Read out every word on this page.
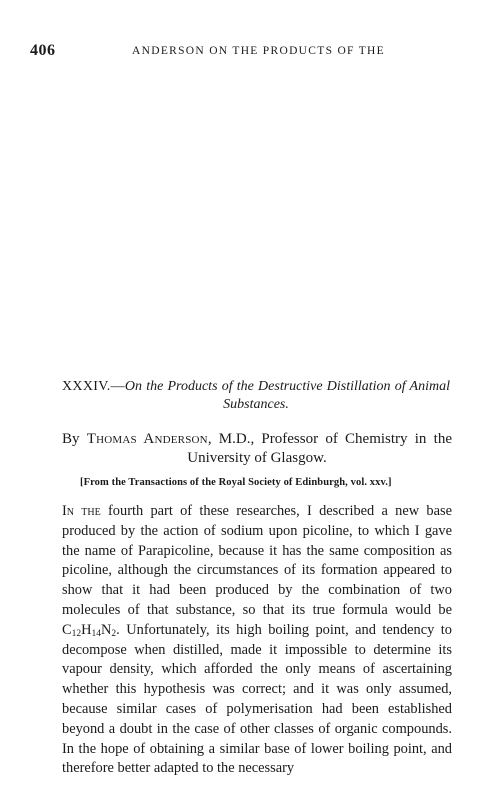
406	ANDERSON ON THE PRODUCTS OF THE
XXXIV.—On the Products of the Destructive Distillation of Animal Substances.
By Thomas Anderson, M.D., Professor of Chemistry in the University of Glasgow.
[From the Transactions of the Royal Society of Edinburgh, vol. xxv.]
In the fourth part of these researches, I described a new base produced by the action of sodium upon picoline, to which I gave the name of Parapicoline, because it has the same composition as picoline, although the circumstances of its formation appeared to show that it had been produced by the combination of two molecules of that substance, so that its true formula would be $C_{12}H_{14}N_2$. Unfortunately, its high boiling point, and tendency to decompose when distilled, made it impossible to determine its vapour density, which afforded the only means of ascertaining whether this hypothesis was correct; and it was only assumed, because similar cases of polymerisation had been established beyond a doubt in the case of other classes of organic compounds. In the hope of obtaining a similar base of lower boiling point, and therefore better adapted to the necessary
